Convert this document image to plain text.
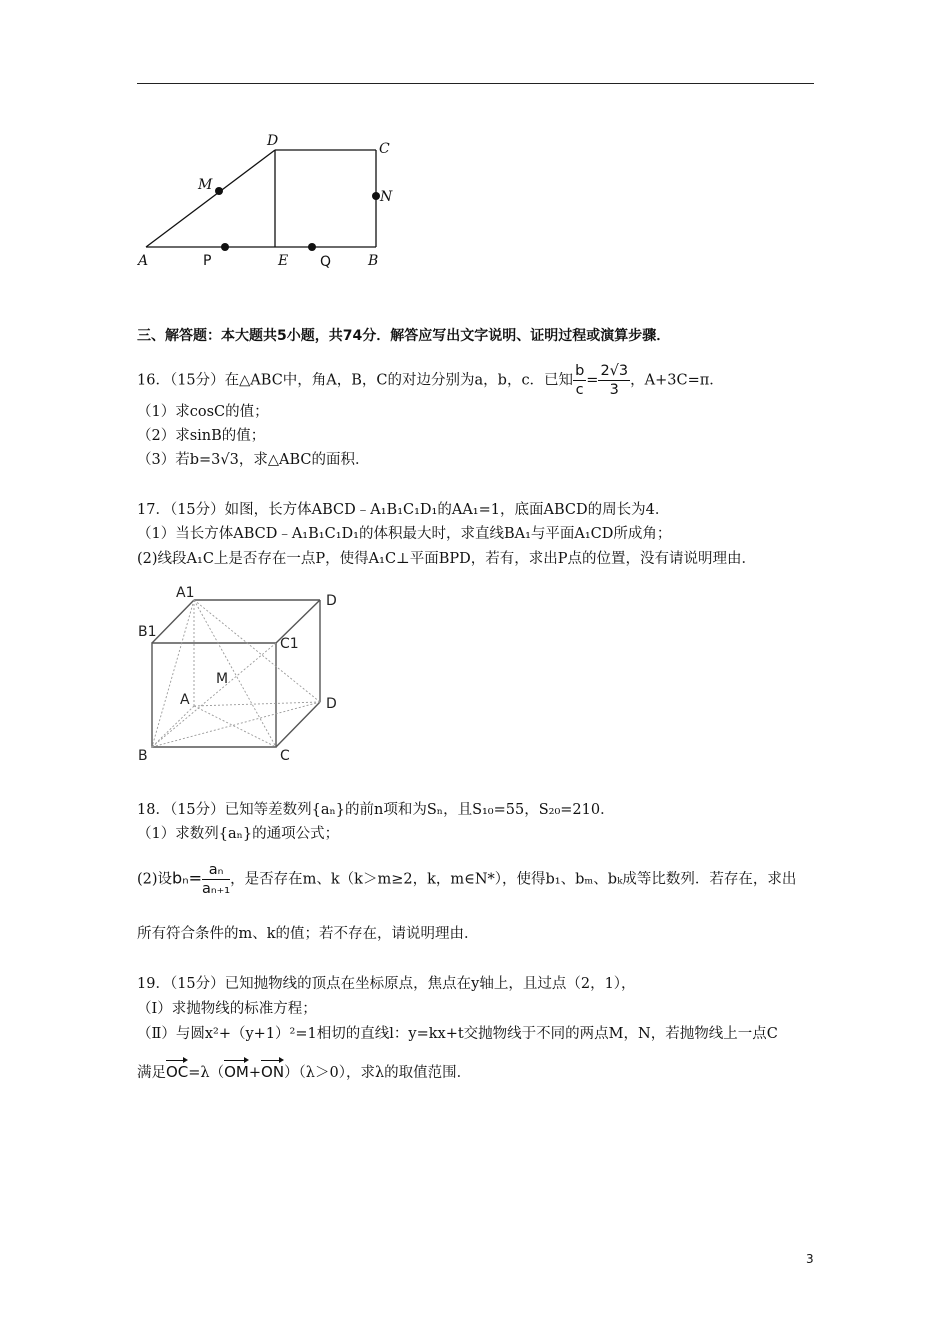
D	C
M
N
A	E	B
P	Q
三、解答题：本大题共5小题，共74分．解答应写出文字说明、证明过程或演算步骤．
16．（15分）在△ABC中，角A，B，C的对边分别为a，b，c．已知 $\frac{b}{c} = \frac{2√3}{3}$ ，A+3C=π．
（1）求cosC的值；
（2）求sinB的值；
（3）若b=3√3，求△ABC的面积．
17．（15分）如图，长方体ABCD﹣A₁B₁C₁D₁的AA₁=1，底面ABCD的周长为4．
（1）当长方体ABCD﹣A₁B₁C₁D₁的体积最大时，求直线BA₁与平面A₁CD所成角；
(2)线段A₁C上是否存在一点P，使得A₁C⊥平面BPD，若有，求出P点的位置，没有请说明理由．
A1	D
B1
C1
M
A	D
B	C
18．（15分）已知等差数列{aₙ}的前n项和为Sₙ，且S₁₀=55，S₂₀=210．
（1）求数列{aₙ}的通项公式；
(2)设$b_n= \frac{\text{aₙ}}{\text{aₙ₊₁}}$ ，是否存在m、k（k＞m≥2，k，m∈N*），使得b₁、bₘ、bₖ成等比数列．若存在，求出
所有符合条件的m、k的值；若不存在，请说明理由．
19．（15分）已知抛物线的顶点在坐标原点，焦点在y轴上，且过点（2，1），
（Ⅰ）求抛物线的标准方程；
（Ⅱ）与圆x²+（y+1）²=1相切的直线l：y=kx+t交抛物线于不同的两点M，N，若抛物线上一点C
满足OC=λ（OM+ON）（λ＞0），求λ的取值范围．
3
